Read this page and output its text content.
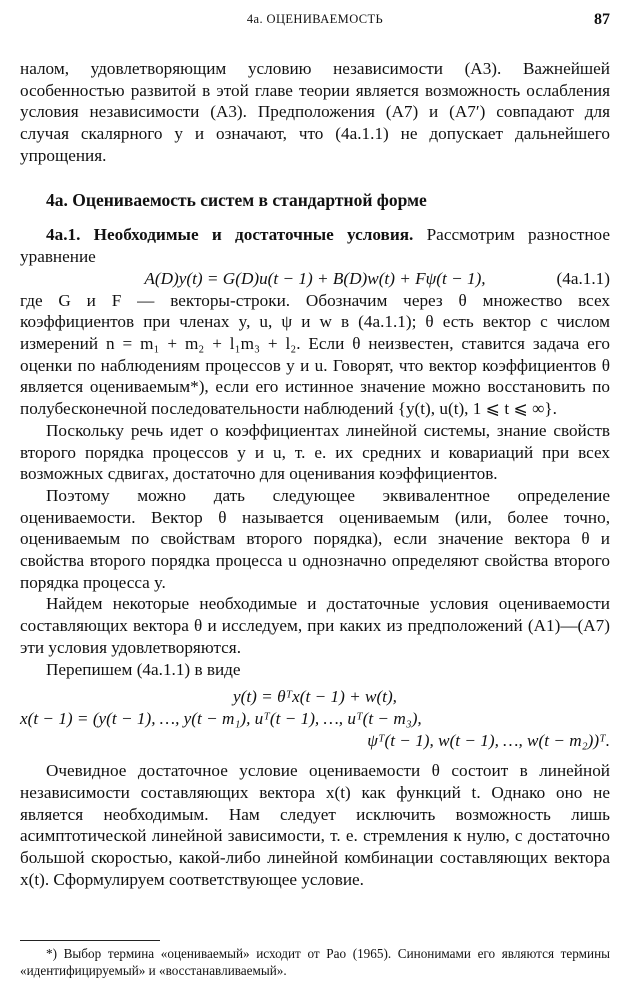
4а. ОЦЕНИВАЕМОСТЬ	87

налом, удовлетворяющим условию независимости (А3). Важнейшей особенностью развитой в этой главе теории является возможность ослабления условия независимости (А3). Предположения (А7) и (А7′) совпадают для случая скалярного y и означают, что (4а.1.1) не допускает дальнейшего упрощения.

4а. Оцениваемость систем в стандартной форме

4а.1. Необходимые и достаточные условия. Рассмотрим разностное уравнение

A(D)y(t) = G(D)u(t − 1) + B(D)w(t) + Fψ(t − 1),	(4а.1.1)

где G и F — векторы-строки. Обозначим через θ множество всех коэффициентов при членах y, u, ψ и w в (4а.1.1); θ есть вектор с числом измерений n = m₁ + m₂ + l₁m₃ + l₂. Если θ неизвестен, ставится задача его оценки по наблюдениям процессов y и u. Говорят, что вектор коэффициентов θ является оцениваемым*), если его истинное значение можно восстановить по полубесконечной последовательности наблюдений {y(t), u(t), 1 ⩽ t ⩽ ∞}.

Поскольку речь идет о коэффициентах линейной системы, знание свойств второго порядка процессов y и u, т. е. их средних и ковариаций при всех возможных сдвигах, достаточно для оценивания коэффициентов.

Поэтому можно дать следующее эквивалентное определение оцениваемости. Вектор θ называется оцениваемым (или, более точно, оцениваемым по свойствам второго порядка), если значение вектора θ и свойства второго порядка процесса u однозначно определяют свойства второго порядка процесса y.

Найдем некоторые необходимые и достаточные условия оцениваемости составляющих вектора θ и исследуем, при каких из предположений (А1)—(А7) эти условия удовлетворяются.

Перепишем (4а.1.1) в виде

y(t) = θᵀx(t − 1) + w(t),
x(t − 1) = (y(t − 1), …, y(t − m₁), uᵀ(t − 1), …, uᵀ(t − m₃),
ψᵀ(t − 1), w(t − 1), …, w(t − m₂))ᵀ.

Очевидное достаточное условие оцениваемости θ состоит в линейной независимости составляющих вектора x(t) как функций t. Однако оно не является необходимым. Нам следует исключить возможность лишь асимптотической линейной зависимости, т. е. стремления к нулю, с достаточно большой скоростью, какой-либо линейной комбинации составляющих вектора x(t). Сформулируем соответствующее условие.

*) Выбор термина «оцениваемый» исходит от Рао (1965). Синонимами его являются термины «идентифицируемый» и «восстанавливаемый».
